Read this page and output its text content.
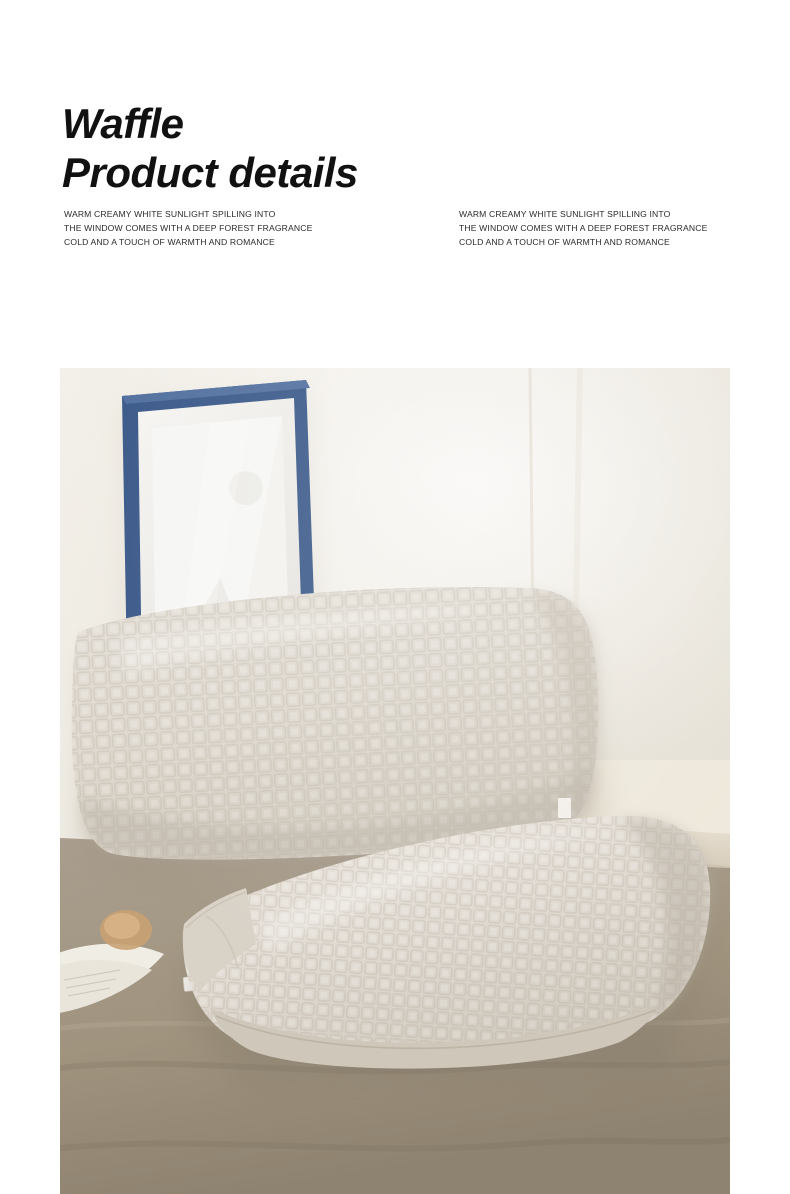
Waffle
Product details
WARM CREAMY WHITE SUNLIGHT SPILLING INTO
THE WINDOW COMES WITH A DEEP FOREST FRAGRANCE
COLD AND A TOUCH OF WARMTH AND ROMANCE
WARM CREAMY WHITE SUNLIGHT SPILLING INTO
THE WINDOW COMES WITH A DEEP FOREST FRAGRANCE
COLD AND A TOUCH OF WARMTH AND ROMANCE
